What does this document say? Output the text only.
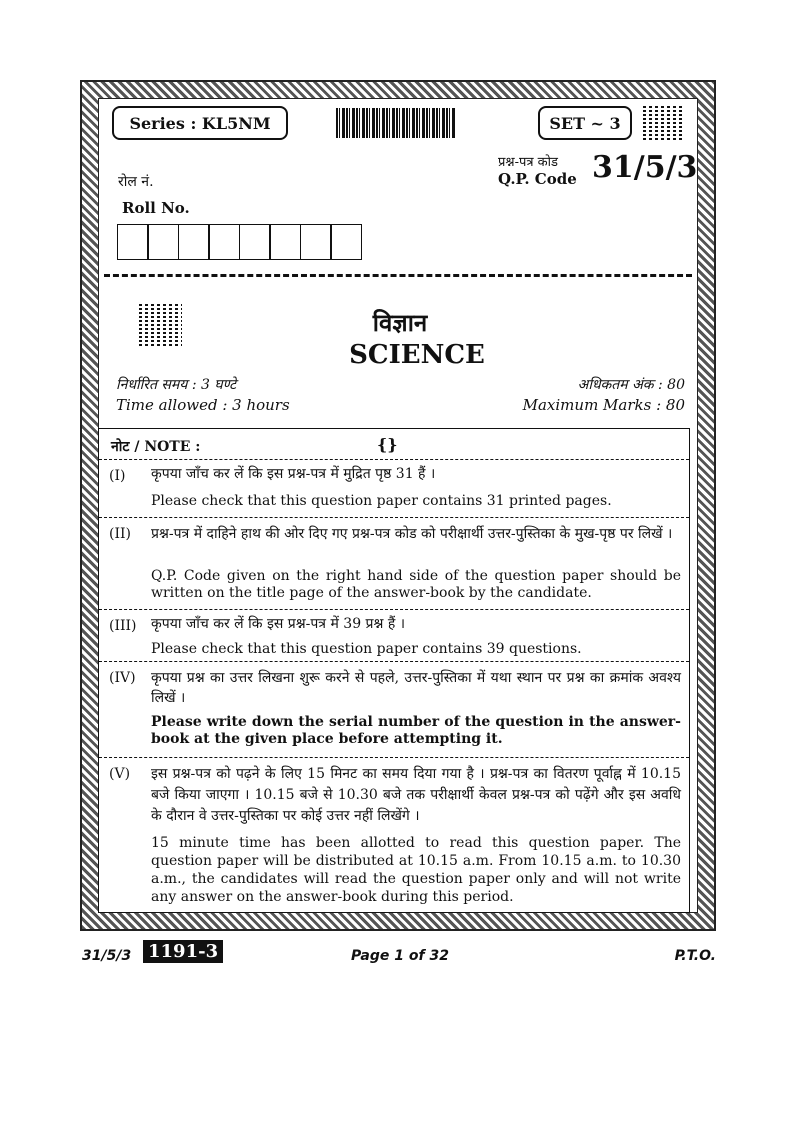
Series : KL5NM	SET ~ 3
प्रश्न-पत्र कोड
Q.P. Code 31/5/3
रोल नं.
Roll No.
विज्ञान
SCIENCE
निर्धारित समय : 3 घण्टे
Time allowed : 3 hours
अधिकतम अंक : 80
Maximum Marks : 80
नोट / NOTE :	{}
(I) कृपया जाँच कर लें कि इस प्रश्न-पत्र में मुद्रित पृष्ठ 31 हैं ।
Please check that this question paper contains 31 printed pages.
(II) प्रश्न-पत्र में दाहिने हाथ की ओर दिए गए प्रश्न-पत्र कोड को परीक्षार्थी उत्तर-पुस्तिका के मुख-पृष्ठ पर लिखें ।
Q.P. Code given on the right hand side of the question paper should be written on the title page of the answer-book by the candidate.
(III) कृपया जाँच कर लें कि इस प्रश्न-पत्र में 39 प्रश्न हैं ।
Please check that this question paper contains 39 questions.
(IV) कृपया प्रश्न का उत्तर लिखना शुरू करने से पहले, उत्तर-पुस्तिका में यथा स्थान पर प्रश्न का क्रमांक अवश्य लिखें ।
Please write down the serial number of the question in the answer-book at the given place before attempting it.
(V) इस प्रश्न-पत्र को पढ़ने के लिए 15 मिनट का समय दिया गया है । प्रश्न-पत्र का वितरण पूर्वाह्न में 10.15 बजे किया जाएगा । 10.15 बजे से 10.30 बजे तक परीक्षार्थी केवल प्रश्न-पत्र को पढ़ेंगे और इस अवधि के दौरान वे उत्तर-पुस्तिका पर कोई उत्तर नहीं लिखेंगे ।
15 minute time has been allotted to read this question paper. The question paper will be distributed at 10.15 a.m. From 10.15 a.m. to 10.30 a.m., the candidates will read the question paper only and will not write any answer on the answer-book during this period.
31/5/3 1191-3	Page 1 of 32	P.T.O.
